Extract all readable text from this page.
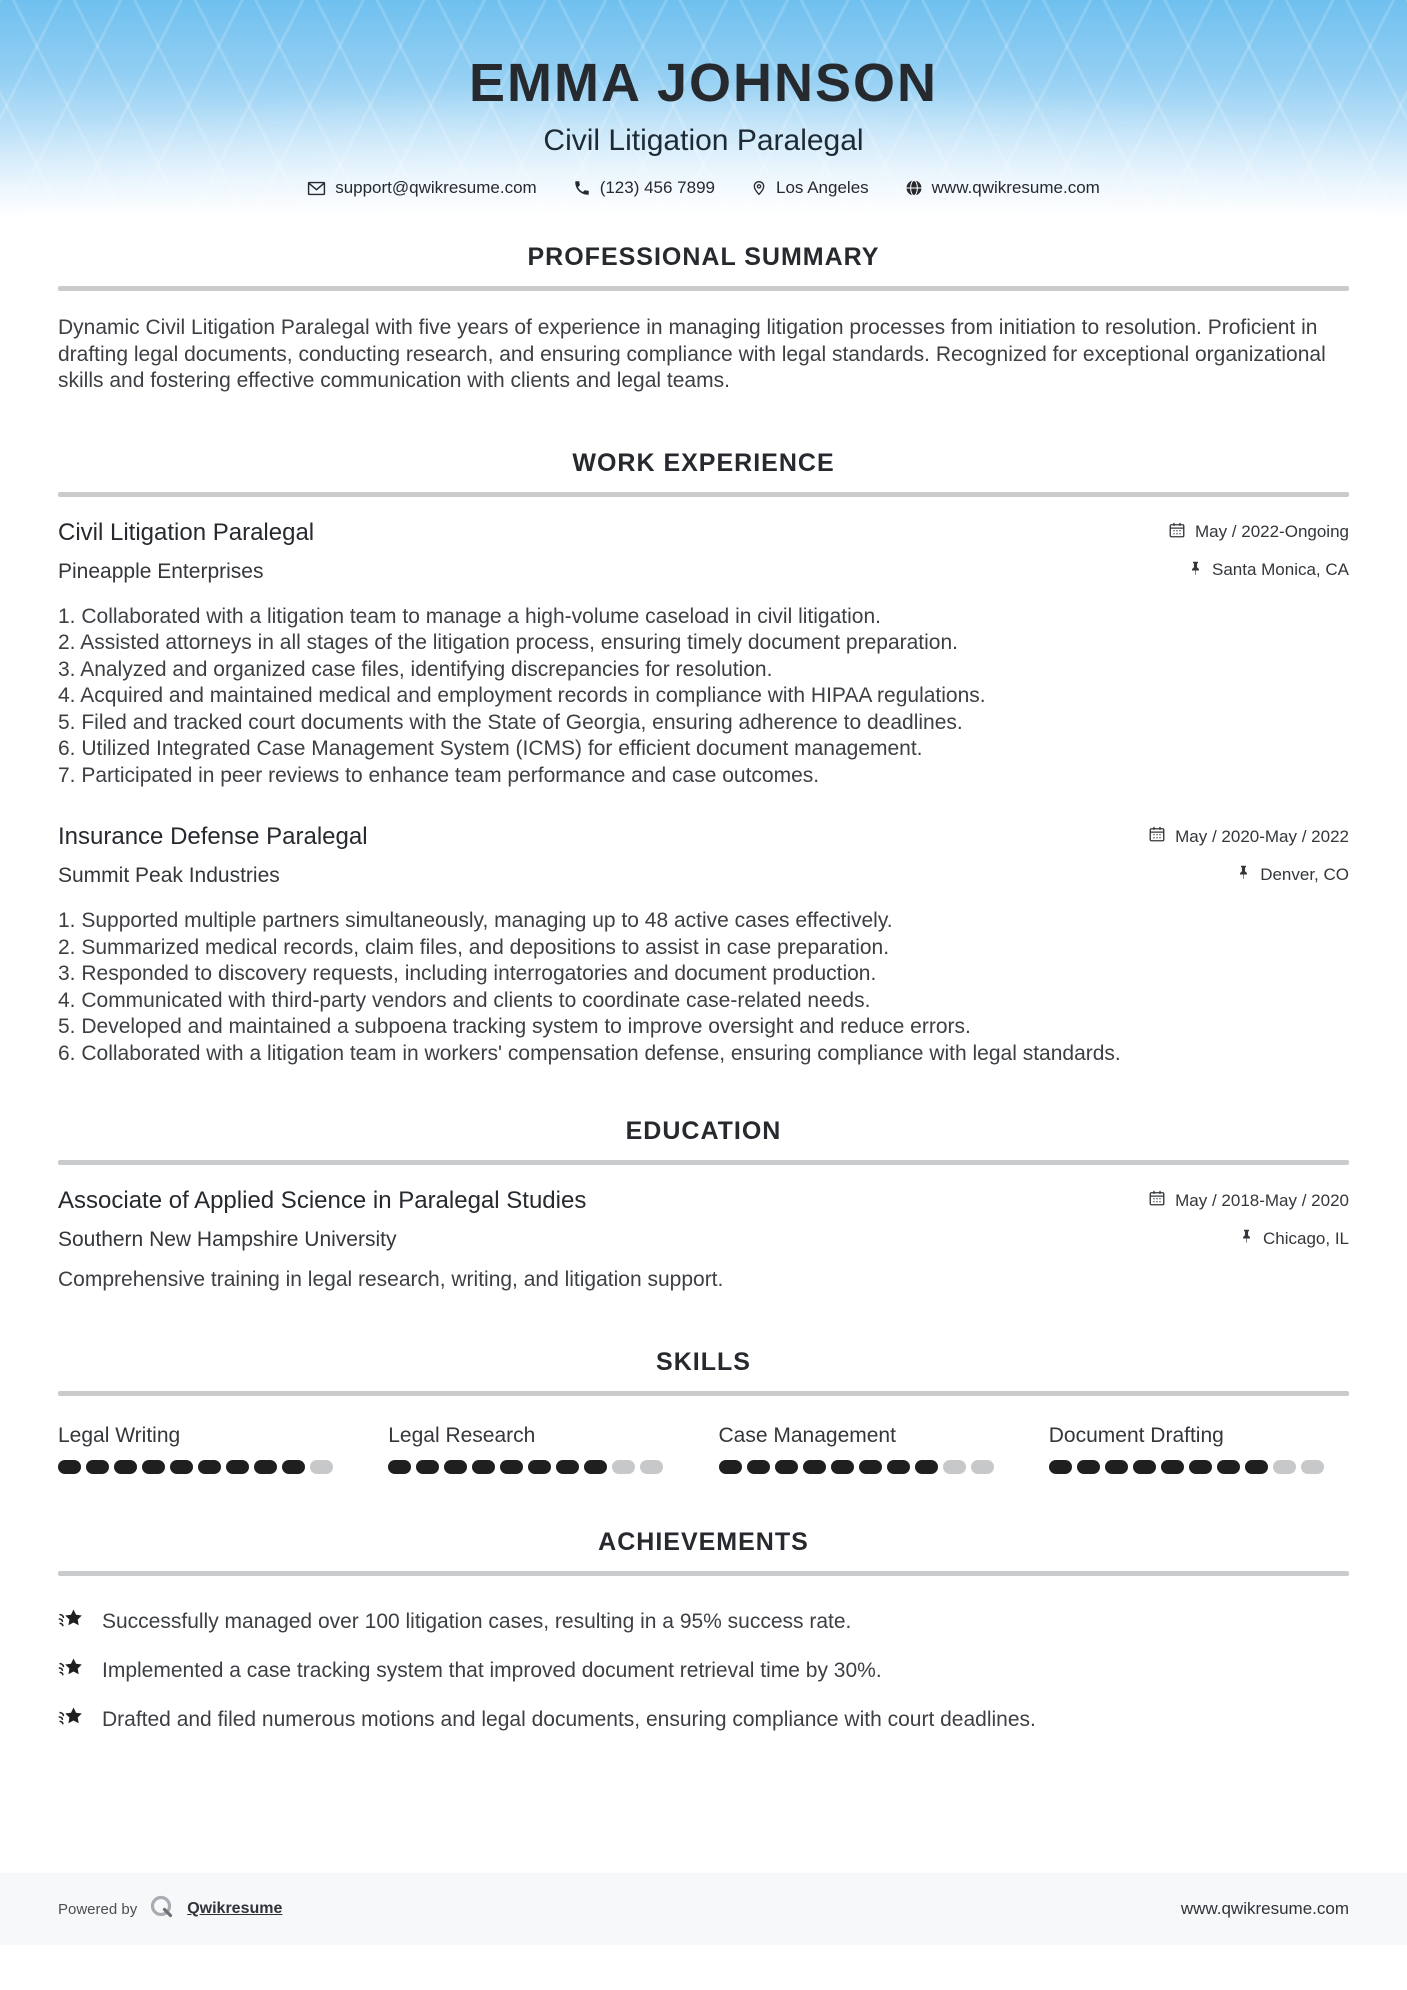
EMMA JOHNSON
Civil Litigation Paralegal
support@qwikresume.com	(123) 456 7899	Los Angeles	www.qwikresume.com
PROFESSIONAL SUMMARY

Dynamic Civil Litigation Paralegal with five years of experience in managing litigation processes from initiation to resolution. Proficient in drafting legal documents, conducting research, and ensuring compliance with legal standards. Recognized for exceptional organizational skills and fostering effective communication with clients and legal teams.

WORK EXPERIENCE
Civil Litigation Paralegal
Pineapple Enterprises
May / 2022-Ongoing
Santa Monica, CA
1. Collaborated with a litigation team to manage a high-volume caseload in civil litigation.
2. Assisted attorneys in all stages of the litigation process, ensuring timely document preparation.
3. Analyzed and organized case files, identifying discrepancies for resolution.
4. Acquired and maintained medical and employment records in compliance with HIPAA regulations.
5. Filed and tracked court documents with the State of Georgia, ensuring adherence to deadlines.
6. Utilized Integrated Case Management System (ICMS) for efficient document management.
7. Participated in peer reviews to enhance team performance and case outcomes.
Insurance Defense Paralegal
Summit Peak Industries
May / 2020-May / 2022
Denver, CO
1. Supported multiple partners simultaneously, managing up to 48 active cases effectively.
2. Summarized medical records, claim files, and depositions to assist in case preparation.
3. Responded to discovery requests, including interrogatories and document production.
4. Communicated with third-party vendors and clients to coordinate case-related needs.
5. Developed and maintained a subpoena tracking system to improve oversight and reduce errors.
6. Collaborated with a litigation team in workers' compensation defense, ensuring compliance with legal standards.
EDUCATION
Associate of Applied Science in Paralegal Studies
Southern New Hampshire University
May / 2018-May / 2020
Chicago, IL
Comprehensive training in legal research, writing, and litigation support.
SKILLS
Legal Writing	Legal Research	Case Management	Document Drafting
ACHIEVEMENTS
Successfully managed over 100 litigation cases, resulting in a 95% success rate.
Implemented a case tracking system that improved document retrieval time by 30%.
Drafted and filed numerous motions and legal documents, ensuring compliance with court deadlines.
Powered by	Qwikresume	www.qwikresume.com
